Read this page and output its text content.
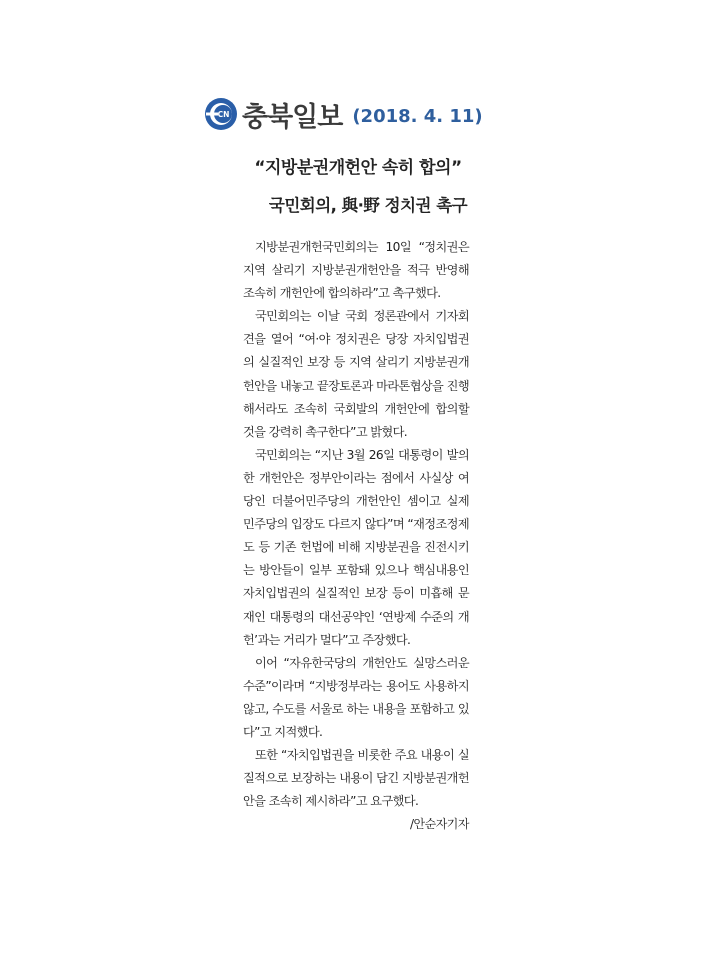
CN 충북일보 (2018. 4. 11)
“지방분권개헌안 속히 합의”
국민회의, 與·野 정치권 촉구

지방분권개헌국민회의는 10일 “정치권은 지역 살리기 지방분권개헌안을 적극 반영해 조속히 개헌안에 합의하라”고 촉구했다.

국민회의는 이날 국회 정론관에서 기자회견을 열어 “여·야 정치권은 당장 자치입법권의 실질적인 보장 등 지역 살리기 지방분권개헌안을 내놓고 끝장토론과 마라톤협상을 진행해서라도 조속히 국회발의 개헌안에 합의할 것을 강력히 촉구한다”고 밝혔다.

국민회의는 “지난 3월 26일 대통령이 발의한 개헌안은 정부안이라는 점에서 사실상 여당인 더불어민주당의 개헌안인 셈이고 실제 민주당의 입장도 다르지 않다”며 “재정조정제도 등 기존 헌법에 비해 지방분권을 진전시키는 방안들이 일부 포함돼 있으나 핵심내용인 자치입법권의 실질적인 보장 등이 미흡해 문재인 대통령의 대선공약인 ‘연방제 수준의 개헌’과는 거리가 멀다”고 주장했다.

이어 “자유한국당의 개헌안도 실망스러운 수준”이라며 “지방정부라는 용어도 사용하지 않고, 수도를 서울로 하는 내용을 포함하고 있다”고 지적했다.

또한 “자치입법권을 비롯한 주요 내용이 실질적으로 보장하는 내용이 담긴 지방분권개헌안을 조속히 제시하라”고 요구했다.
/안순자기자
